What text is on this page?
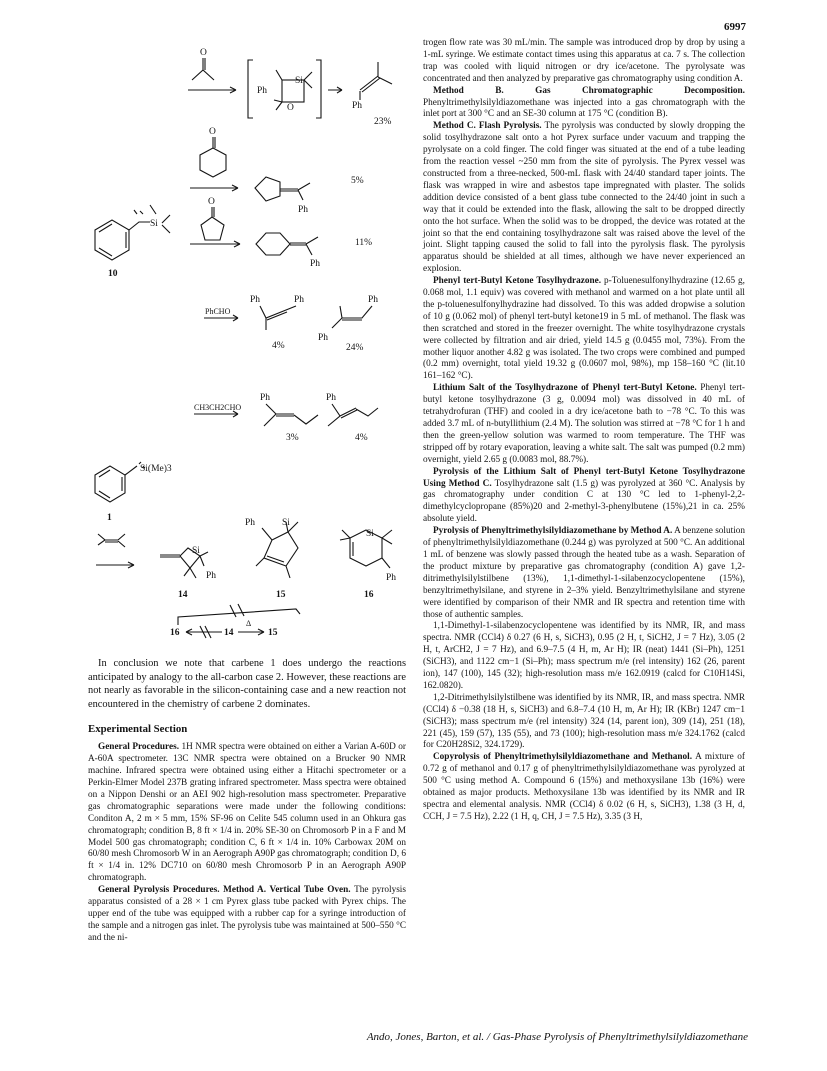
6997
O
Ph
Si
O	Ph
23%
Si
10
O
Ph
5%
O
Ph
11%
PhCHO
Ph	Ph
4%
Ph
Ph
24%
CH3CH2CHO
Ph
3%
Ph
4%
Si(Me)3
1
Si
Ph
14
Ph	Si
15
Si
Ph
16
16	14
Δ
15

In conclusion we note that carbene 1 does undergo the reactions anticipated by analogy to the all-carbon case 2. However, these reactions are not nearly as favorable in the silicon-containing case and a new reaction not encountered in the chemistry of carbene 2 dominates.

Experimental Section

General Procedures. 1H NMR spectra were obtained on either a Varian A-60D or A-60A spectrometer. 13C NMR spectra were obtained on a Brucker 90 NMR machine. Infrared spectra were obtained using either a Hitachi spectrometer or a Perkin-Elmer Model 237B grating infrared spectrometer. Mass spectra were obtained on a Nippon Denshi or an AEI 902 high-resolution mass spectrometer. Preparative gas chromatographic separations were made under the following conditions: Conditon A, 2 m × 5 mm, 15% SF-96 on Celite 545 column used in an Ohkura gas chromatograph; condition B, 8 ft × 1/4 in. 20% SE-30 on Chromosorb P in a F and M Model 500 gas chromatograph; condition C, 6 ft × 1/4 in. 10% Carbowax 20M on 60/80 mesh Chromosorb W in an Aerograph A90P gas chromatograph; condition D, 6 ft × 1/4 in. 12% DC710 on 60/80 mesh Chromosorb P in an Aerograph A90P chromatograph.

General Pyrolysis Procedures. Method A. Vertical Tube Oven. The pyrolysis apparatus consisted of a 28 × 1 cm Pyrex glass tube packed with Pyrex chips. The upper end of the tube was equipped with a rubber cap for a syringe introduction of the sample and a nitrogen gas inlet. The pyrolysis tube was maintained at 500–550 °C and the ni-

trogen flow rate was 30 mL/min. The sample was introduced drop by drop by using a 1-mL syringe. We estimate contact times using this apparatus at ca. 7 s. The collection trap was cooled with liquid nitrogen or dry ice/acetone. The pyrolysate was concentrated and then analyzed by preparative gas chromatography using condition A.

Method B. Gas Chromatographic Decomposition. Phenyltrimethylsilyldiazomethane was injected into a gas chromatograph with the inlet port at 300 °C and an SE-30 column at 175 °C (condition B).

Method C. Flash Pyrolysis. The pyrolysis was conducted by slowly dropping the solid tosylhydrazone salt onto a hot Pyrex surface under vacuum and trapping the pyrolysate on a cold finger. The cold finger was situated at the end of a tube leading from the reaction vessel ~250 mm from the site of pyrolysis. The Pyrex vessel was constructed from a three-necked, 500-mL flask with 24/40 standard taper joints. The flask was wrapped in wire and asbestos tape impregnated with plaster. The solids addition device consisted of a bent glass tube connected to the 24/40 joint in such a way that it could be extended into the flask, allowing the salt to be dropped directly onto the hot surface. When the solid was to be dropped, the device was rotated at the joint so that the end containing tosylhydrazone salt was raised above the level of the joint. Slight tapping caused the solid to fall into the pyrolysis flask. The pyrolysis apparatus should be shielded at all times, although we have never experienced an explosion.

Phenyl tert-Butyl Ketone Tosylhydrazone. p-Toluenesulfonylhydrazine (12.65 g, 0.068 mol, 1.1 equiv) was covered with methanol and warmed on a hot plate until all the p-toluenesulfonylhydrazine had dissolved. To this was added dropwise a solution of 10 g (0.062 mol) of phenyl tert-butyl ketone19 in 5 mL of methanol. The flask was then scratched and stored in the freezer overnight. The white tosylhydrazone crystals were collected by filtration and air dried, yield 14.5 g (0.0455 mol, 73%). From the mother liquor another 4.82 g was isolated. The two crops were combined and pumped (0.2 mm) overnight, total yield 19.32 g (0.0607 mol, 98%), mp 158–160 °C (lit.10 161–162 °C).

Lithium Salt of the Tosylhydrazone of Phenyl tert-Butyl Ketone. Phenyl tert-butyl ketone tosylhydrazone (3 g, 0.0094 mol) was dissolved in 40 mL of tetrahydrofuran (THF) and cooled in a dry ice/acetone bath to −78 °C. To this was added 3.7 mL of n-butyllithium (2.4 M). The solution was stirred at −78 °C for 1 h and then the green-yellow solution was warmed to room temperature. The THF was stripped off by rotary evaporation, leaving a white salt. The salt was pumped (0.2 mm) overnight, yield 2.65 g (0.0083 mol, 88.7%).

Pyrolysis of the Lithium Salt of Phenyl tert-Butyl Ketone Tosylhydrazone Using Method C. Tosylhydrazone salt (1.5 g) was pyrolyzed at 360 °C. Analysis by gas chromatography under condition C at 130 °C led to 1-phenyl-2,2-dimethylcyclopropane (85%)20 and 2-methyl-3-phenylbutene (15%),21 in ca. 25% absolute yield.

Pyrolysis of Phenyltrimethylsilyldiazomethane by Method A. A benzene solution of phenyltrimethylsilyldiazomethane (0.244 g) was pyrolyzed at 500 °C. An additional 1 mL of benzene was slowly passed through the heated tube as a wash. Separation of the product mixture by preparative gas chromatography (condition A) gave 1,2-ditrimethylsilylstilbene (13%), 1,1-dimethyl-1-silabenzocyclopentene (15%), benzyltrimethylsilane, and styrene in 2–3% yield. Benzyltrimethylsilane and styrene were identified by comparison of their NMR and IR spectra and retention time with those of authentic samples.

1,1-Dimethyl-1-silabenzocyclopentene was identified by its NMR, IR, and mass spectra. NMR (CCl4) δ 0.27 (6 H, s, SiCH3), 0.95 (2 H, t, SiCH2, J = 7 Hz), 3.05 (2 H, t, ArCH2, J = 7 Hz), and 6.9–7.5 (4 H, m, Ar H); IR (neat) 1441 (Si–Ph), 1251 (SiCH3), and 1122 cm−1 (Si–Ph); mass spectrum m/e (rel intensity) 162 (26, parent ion), 147 (100), 145 (32); high-resolution mass m/e 162.0919 (calcd for C10H14Si, 162.0820).

1,2-Ditrimethylsilylstilbene was identified by its NMR, IR, and mass spectra. NMR (CCl4) δ −0.38 (18 H, s, SiCH3) and 6.8–7.4 (10 H, m, Ar H); IR (KBr) 1247 cm−1 (SiCH3); mass spectrum m/e (rel intensity) 324 (14, parent ion), 309 (14), 251 (18), 221 (45), 159 (57), 135 (55), and 73 (100); high-resolution mass m/e 324.1762 (calcd for C20H28Si2, 324.1729).

Copyrolysis of Phenyltrimethylsilyldiazomethane and Methanol. A mixture of 0.72 g of methanol and 0.17 g of phenyltrimethylsilyldiazomethane was pyrolyzed at 500 °C using method A. Compound 6 (15%) and methoxysilane 13b (16%) were obtained as major products. Methoxysilane 13b was identified by its NMR and IR spectra and elemental analysis. NMR (CCl4) δ 0.02 (6 H, s, SiCH3), 1.38 (3 H, d, CCH, J = 7.5 Hz), 2.22 (1 H, q, CH, J = 7.5 Hz), 3.35 (3 H,

Ando, Jones, Barton, et al. / Gas-Phase Pyrolysis of Phenyltrimethylsilyldiazomethane
